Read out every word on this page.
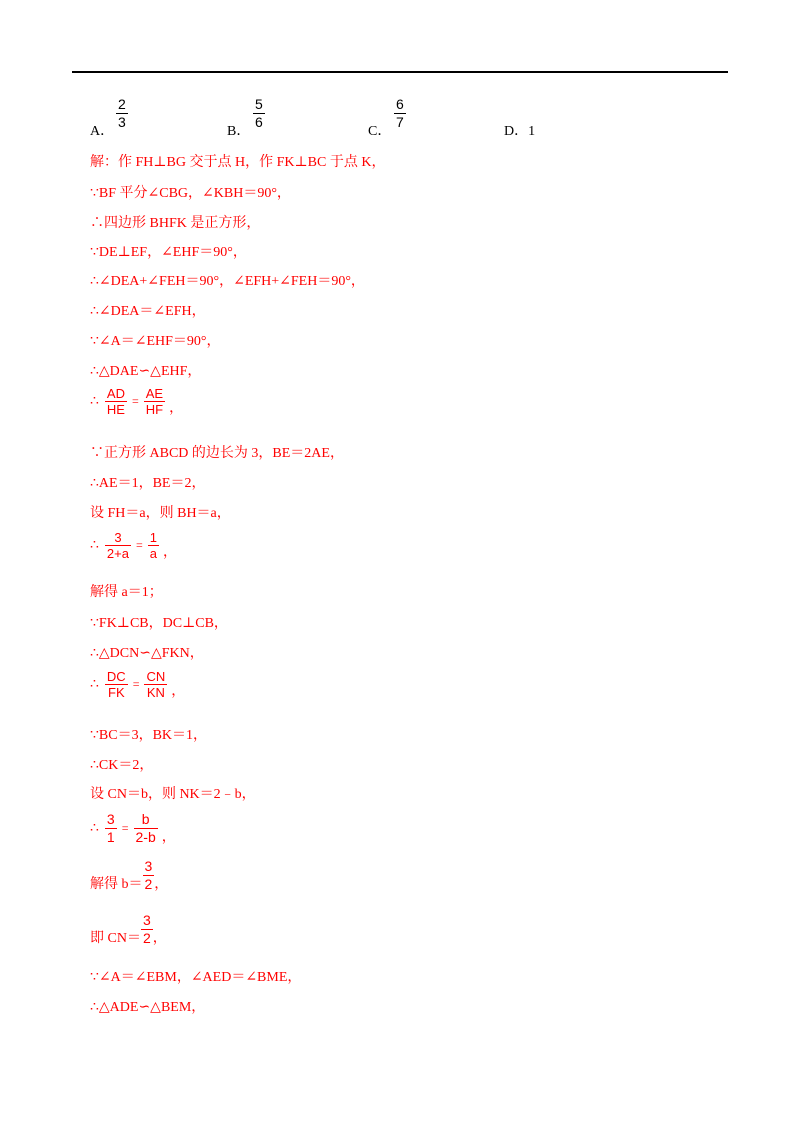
A．
$\frac{2}{3}$
B．
$\frac{5}{6}$
C．
$\frac{6}{7}$
D．1
解：作 FH⊥BG 交于点 H，作 FK⊥BC 于点 K，
∵BF 平分∠CBG，∠KBH＝90°，
∴四边形 BHFK 是正方形，
∵DE⊥EF，∠EHF＝90°，
∴∠DEA+∠FEH＝90°，∠EFH+∠FEH＝90°，
∴∠DEA＝∠EFH，
∵∠A＝∠EHF＝90°，
∴△DAE∽△EHF，
∴ $\frac{AD}{HE} = \frac{AE}{HF}$ ，
∵正方形 ABCD 的边长为 3，BE＝2AE，
∴AE＝1，BE＝2，
设 FH＝a，则 BH＝a，
∴ $\frac{3}{2+a} = \frac{1}{a}$ ，
解得 a＝1；
∵FK⊥CB，DC⊥CB，
∴△DCN∽△FKN，
∴ $\frac{DC}{FK} = \frac{CN}{KN}$ ，
∵BC＝3，BK＝1，
∴CK＝2，
设 CN＝b，则 NK＝2﹣b，
∴ $\frac{3}{1} = \frac{b}{2-b}$ ，
解得 $b= \frac{3}{2}$ ，
即 $CN= \frac{3}{2}$ ，
∵∠A＝∠EBM，∠AED＝∠BME，
∴△ADE∽△BEM，
